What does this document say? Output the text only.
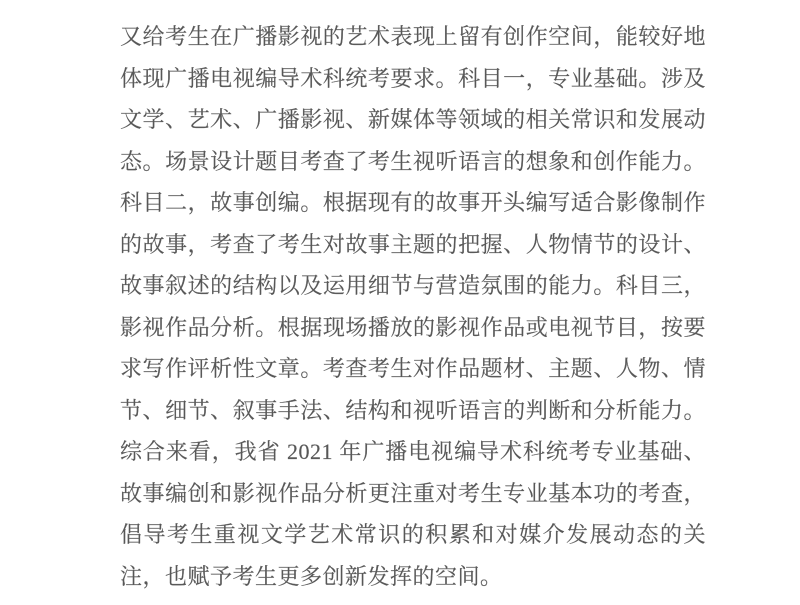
又给考生在广播影视的艺术表现上留有创作空间，能较好地
体现广播电视编导术科统考要求。科目一，专业基础。涉及
文学、艺术、广播影视、新媒体等领域的相关常识和发展动
态。场景设计题目考查了考生视听语言的想象和创作能力。
科目二，故事创编。根据现有的故事开头编写适合影像制作
的故事，考查了考生对故事主题的把握、人物情节的设计、
故事叙述的结构以及运用细节与营造氛围的能力。科目三，
影视作品分析。根据现场播放的影视作品或电视节目，按要
求写作评析性文章。考查考生对作品题材、主题、人物、情
节、细节、叙事手法、结构和视听语言的判断和分析能力。
综合来看，我省 2021 年广播电视编导术科统考专业基础、
故事编创和影视作品分析更注重对考生专业基本功的考查，
倡导考生重视文学艺术常识的积累和对媒介发展动态的关
注，也赋予考生更多创新发挥的空间。
